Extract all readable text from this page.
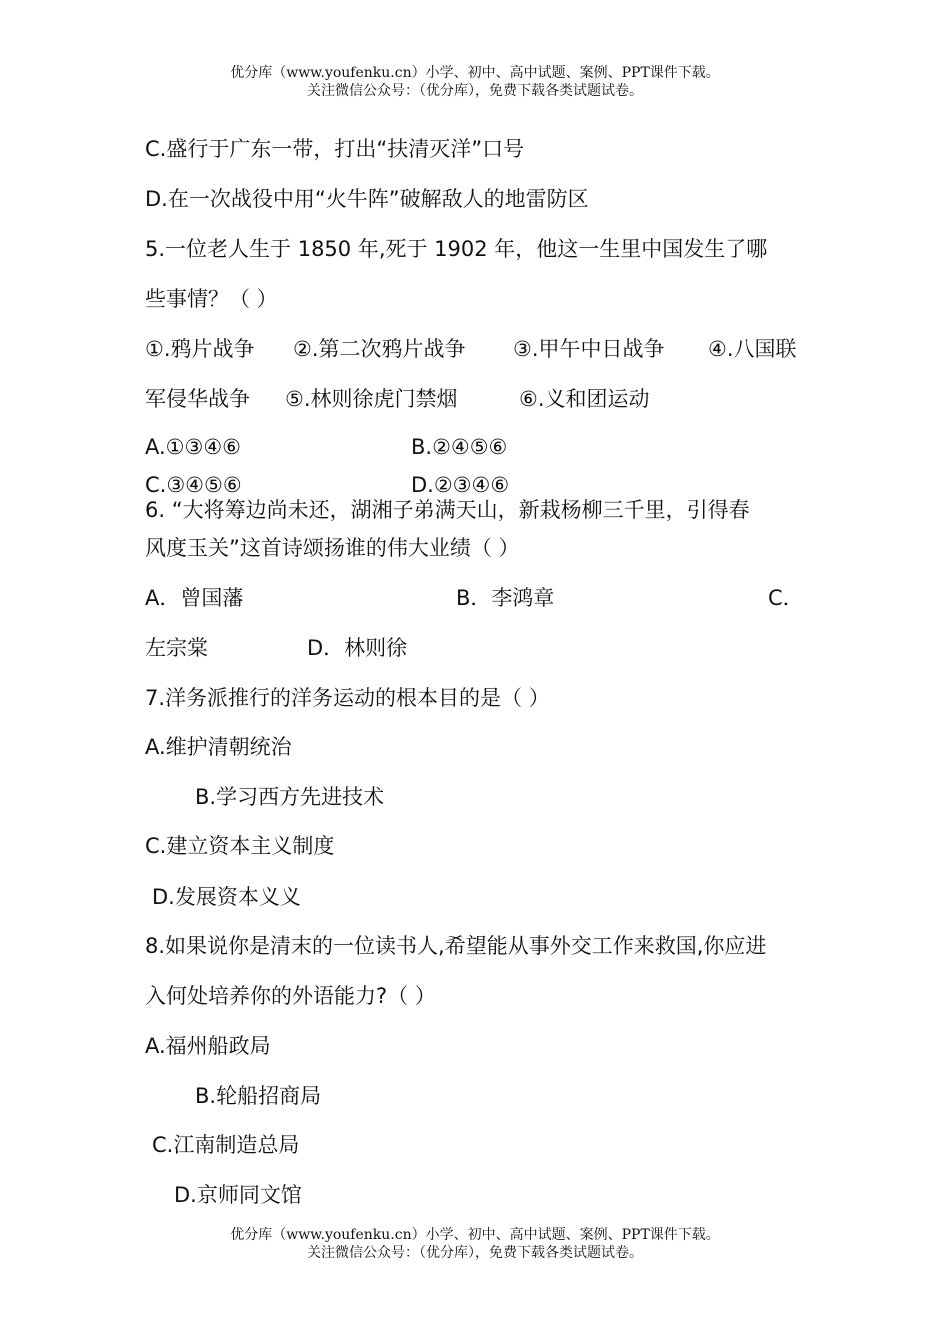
优分库（www.youfenku.cn）小学、初中、高中试题、案例、PPT课件下载。
关注微信公众号：（优分库），免费下载各类试题试卷。
C.盛行于广东一带，打出“扶清灭洋”口号
D.在一次战役中用“火牛阵”破解敌人的地雷防区
5.一位老人生于 1850 年,死于 1902 年，他这一生里中国发生了哪
些事情？（ ）
①.鸦片战争 ②.第二次鸦片战争 ③.甲午中日战争 ④.八国联
军侵华战争 ⑤.林则徐虎门禁烟	⑥.义和团运动
A.①③④⑥	B.②④⑤⑥
C.③④⑤⑥	D.②③④⑥
6. “大将筹边尚未还，湖湘子弟满天山，新栽杨柳三千里，引得春
风度玉关”这首诗颂扬谁的伟大业绩（ ）
A．曾国藩	B．李鸿章	C．
左宗棠	D．林则徐
7.洋务派推行的洋务运动的根本目的是（ ）
A.维护清朝统治
B.学习西方先进技术
C.建立资本主义制度
D.发展资本义义
8.如果说你是清末的一位读书人,希望能从事外交工作来救国,你应进
入何处培养你的外语能力?（ ）
A.福州船政局
B.轮船招商局
C.江南制造总局
D.京师同文馆
优分库（www.youfenku.cn）小学、初中、高中试题、案例、PPT课件下载。
关注微信公众号：（优分库），免费下载各类试题试卷。
